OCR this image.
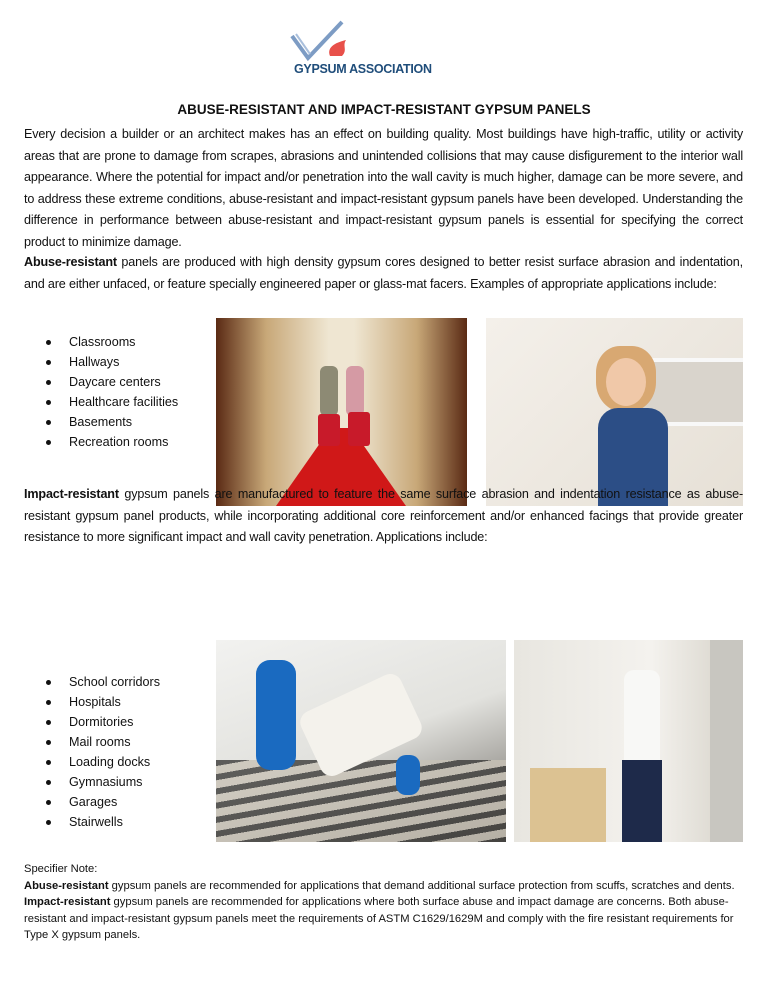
GYPSUM ASSOCIATION
ABUSE-RESISTANT AND IMPACT-RESISTANT GYPSUM PANELS
Every decision a builder or an architect makes has an effect on building quality. Most buildings have high-traffic, utility or activity areas that are prone to damage from scrapes, abrasions and unintended collisions that may cause disfigurement to the interior wall appearance. Where the potential for impact and/or penetration into the wall cavity is much higher, damage can be more severe, and to address these extreme conditions, abuse-resistant and impact-resistant gypsum panels have been developed. Understanding the difference in performance between abuse-resistant and impact-resistant gypsum panels is essential for specifying the correct product to minimize damage.
Abuse-resistant panels are produced with high density gypsum cores designed to better resist surface abrasion and indentation, and are either unfaced, or feature specially engineered paper or glass-mat facers. Examples of appropriate applications include:
Classrooms
Hallways
Daycare centers
Healthcare facilities
Basements
Recreation rooms
Impact-resistant gypsum panels are manufactured to feature the same surface abrasion and indentation resistance as abuse-resistant gypsum panel products, while incorporating additional core reinforcement and/or enhanced facings that provide greater resistance to more significant impact and wall cavity penetration. Applications include:
School corridors
Hospitals
Dormitories
Mail rooms
Loading docks
Gymnasiums
Garages
Stairwells
Specifier Note:
Abuse-resistant gypsum panels are recommended for applications that demand additional surface protection from scuffs, scratches and dents. Impact-resistant gypsum panels are recommended for applications where both surface abuse and impact damage are concerns. Both abuse-resistant and impact-resistant gypsum panels meet the requirements of ASTM C1629/1629M and comply with the fire resistant requirements for Type X gypsum panels.
